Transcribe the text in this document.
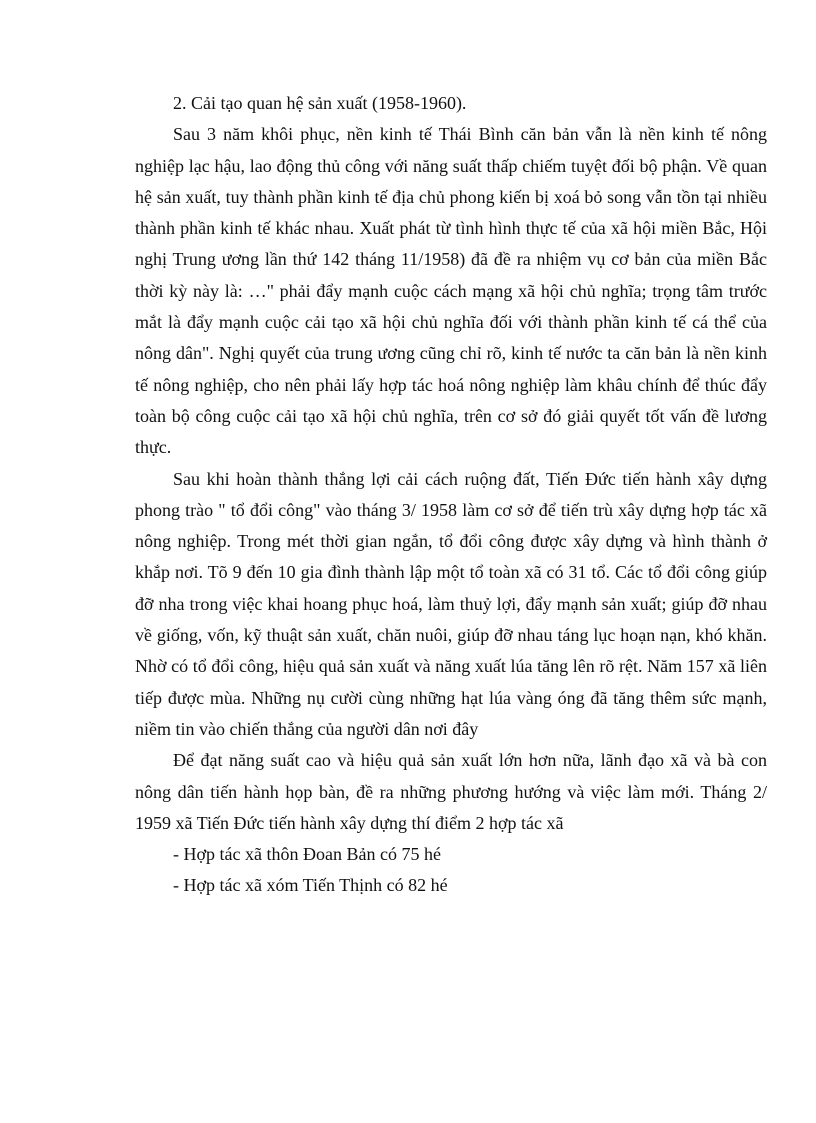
2. Cải tạo quan hệ sản xuất (1958-1960).

Sau 3 năm khôi phục, nền kinh tế Thái Bình căn bản vẫn là nền kinh tế nông nghiệp lạc hậu, lao động thủ công với năng suất thấp chiếm tuyệt đối bộ phận. Về quan hệ sản xuất, tuy thành phần kinh tế địa chủ phong kiến bị xoá bỏ song vẫn tồn tại nhiều thành phần kinh tế khác nhau. Xuất phát từ tình hình thực tế của xã hội miền Bắc, Hội nghị Trung ương lần thứ 142 tháng 11/1958) đã đề ra nhiệm vụ cơ bản của miền Bắc thời kỳ này là: …" phải đẩy mạnh cuộc cách mạng xã hội chủ nghĩa; trọng tâm trước mắt là đẩy mạnh cuộc cải tạo xã hội chủ nghĩa đối với thành phần kinh tế cá thể của nông dân". Nghị quyết của trung ương cũng chỉ rõ, kinh tế nước ta căn bản là nền kinh tế nông nghiệp, cho nên phải lấy hợp tác hoá nông nghiệp làm khâu chính để thúc đẩy toàn bộ công cuộc cải tạo xã hội chủ nghĩa, trên cơ sở đó giải quyết tốt vấn đề lương thực.

Sau khi hoàn thành thắng lợi cải cách ruộng đất, Tiến Đức tiến hành xây dựng phong trào " tổ đổi công" vào tháng 3/ 1958 làm cơ sở để tiến trù xây dựng hợp tác xã nông nghiệp. Trong mét thời gian ngắn, tổ đổi công được xây dựng và hình thành ở khắp nơi. Tõ 9 đến 10 gia đình thành lập một tổ toàn xã có 31 tổ. Các tổ đổi công giúp đỡ nha trong việc khai hoang phục hoá, làm thuỷ lợi, đẩy mạnh sản xuất; giúp đỡ nhau về giống, vốn, kỹ thuật sản xuất, chăn nuôi, giúp đỡ nhau táng lục hoạn nạn, khó khăn. Nhờ có tổ đổi công, hiệu quả sản xuất và năng xuất lúa tăng lên rõ rệt. Năm 157 xã liên tiếp được mùa. Những nụ cười cùng những hạt lúa vàng óng đã tăng thêm sức mạnh, niềm tin vào chiến thắng của người dân nơi đây

Để đạt năng suất cao và hiệu quả sản xuất lớn hơn nữa, lãnh đạo xã và bà con nông dân tiến hành họp bàn, đề ra những phương hướng và việc làm mới. Tháng 2/ 1959 xã Tiến Đức tiến hành xây dựng thí điểm 2 hợp tác xã

- Hợp tác xã thôn Đoan Bản có 75 hé

- Hợp tác xã xóm Tiến Thịnh có 82 hé
